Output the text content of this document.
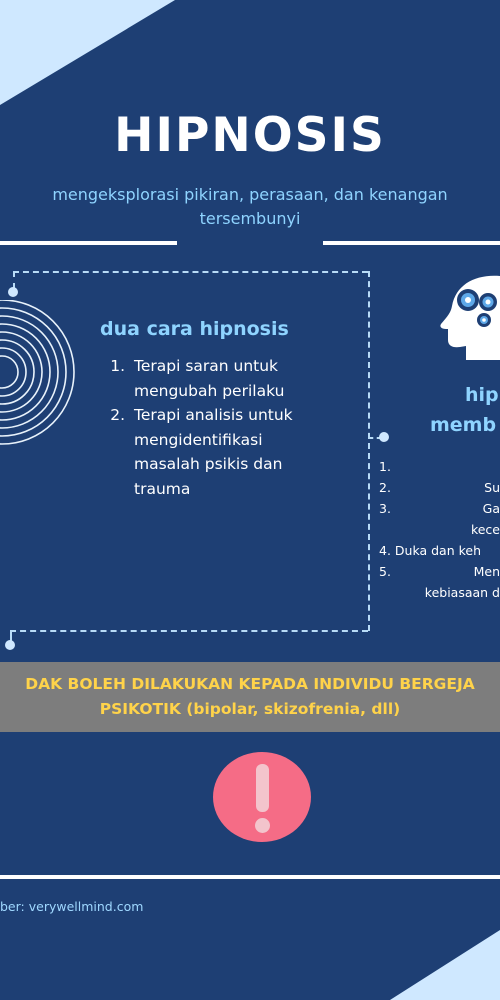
HIPNOSIS
mengeksplorasi pikiran, perasaan, dan kenangan
tersembunyi
dua cara hipnosis
1. Terapi saran untuk
mengubah perilaku
2. Terapi analisis untuk
mengidentifikasi
masalah psikis dan
trauma
hip
memb
1.
2.	Su
3.	Ga
kece
4. Duka dan keh
5.	Men
kebiasaan d
DAK BOLEH DILAKUKAN KEPADA INDIVIDU BERGEJA
PSIKOTIK (bipolar, skizofrenia, dll)
ber: verywellmind.com
